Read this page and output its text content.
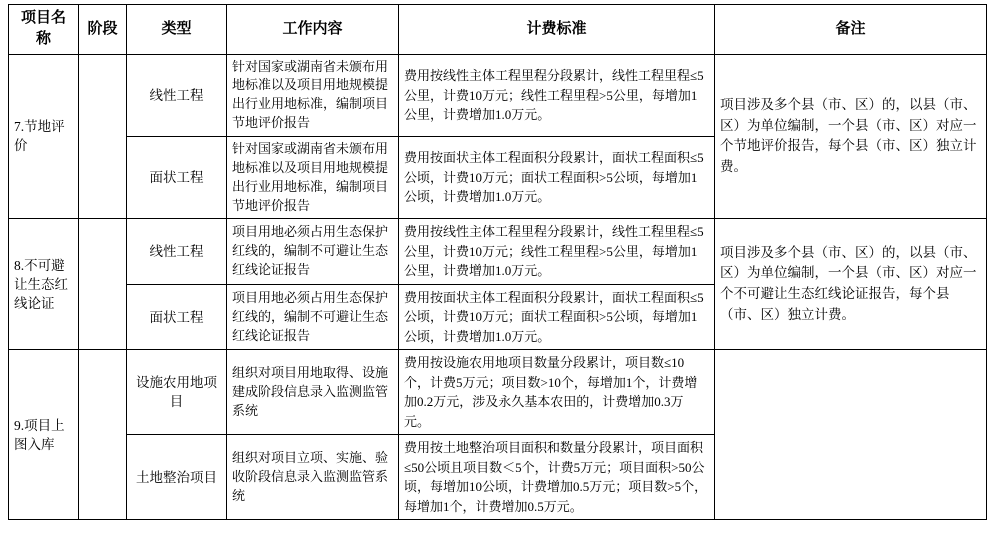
项目名称	阶段	类型	工作内容	计费标准	备注
7.节地评价		线性工程	针对国家或湖南省未颁布用地标准以及项目用地规模提出行业用地标准，编制项目节地评价报告	费用按线性主体工程里程分段累计，线性工程里程≤5公里，计费10万元；线性工程里程>5公里，每增加1公里，计费增加1.0万元。	项目涉及多个县（市、区）的，以县（市、区）为单位编制，一个县（市、区）对应一个节地评价报告，每个县（市、区）独立计费。
		面状工程	针对国家或湖南省未颁布用地标准以及项目用地规模提出行业用地标准，编制项目节地评价报告	费用按面状主体工程面积分段累计，面状工程面积≤5公顷，计费10万元；面状工程面积>5公顷，每增加1公顷，计费增加1.0万元。	
8.不可避让生态红线论证		线性工程	项目用地必须占用生态保护红线的，编制不可避让生态红线论证报告	费用按线性主体工程里程分段累计，线性工程里程≤5公里，计费10万元；线性工程里程>5公里，每增加1公里，计费增加1.0万元。	项目涉及多个县（市、区）的，以县（市、区）为单位编制，一个县（市、区）对应一个不可避让生态红线论证报告，每个县（市、区）独立计费。
		面状工程	项目用地必须占用生态保护红线的，编制不可避让生态红线论证报告	费用按面状主体工程面积分段累计，面状工程面积≤5公顷，计费10万元；面状工程面积>5公顷，每增加1公顷，计费增加1.0万元。	
9.项目上图入库		设施农用地项目	组织对项目用地取得、设施建成阶段信息录入监测监管系统	费用按设施农用地项目数量分段累计，项目数≤10个，计费5万元；项目数>10个，每增加1个，计费增加0.2万元，涉及永久基本农田的，计费增加0.3万元。	
		土地整治项目	组织对项目立项、实施、验收阶段信息录入监测监管系统	费用按土地整治项目面积和数量分段累计，项目面积≤50公顷且项目数＜5个，计费5万元；项目面积>50公顷，每增加10公顷，计费增加0.5万元；项目数>5个，每增加1个，计费增加0.5万元。	
